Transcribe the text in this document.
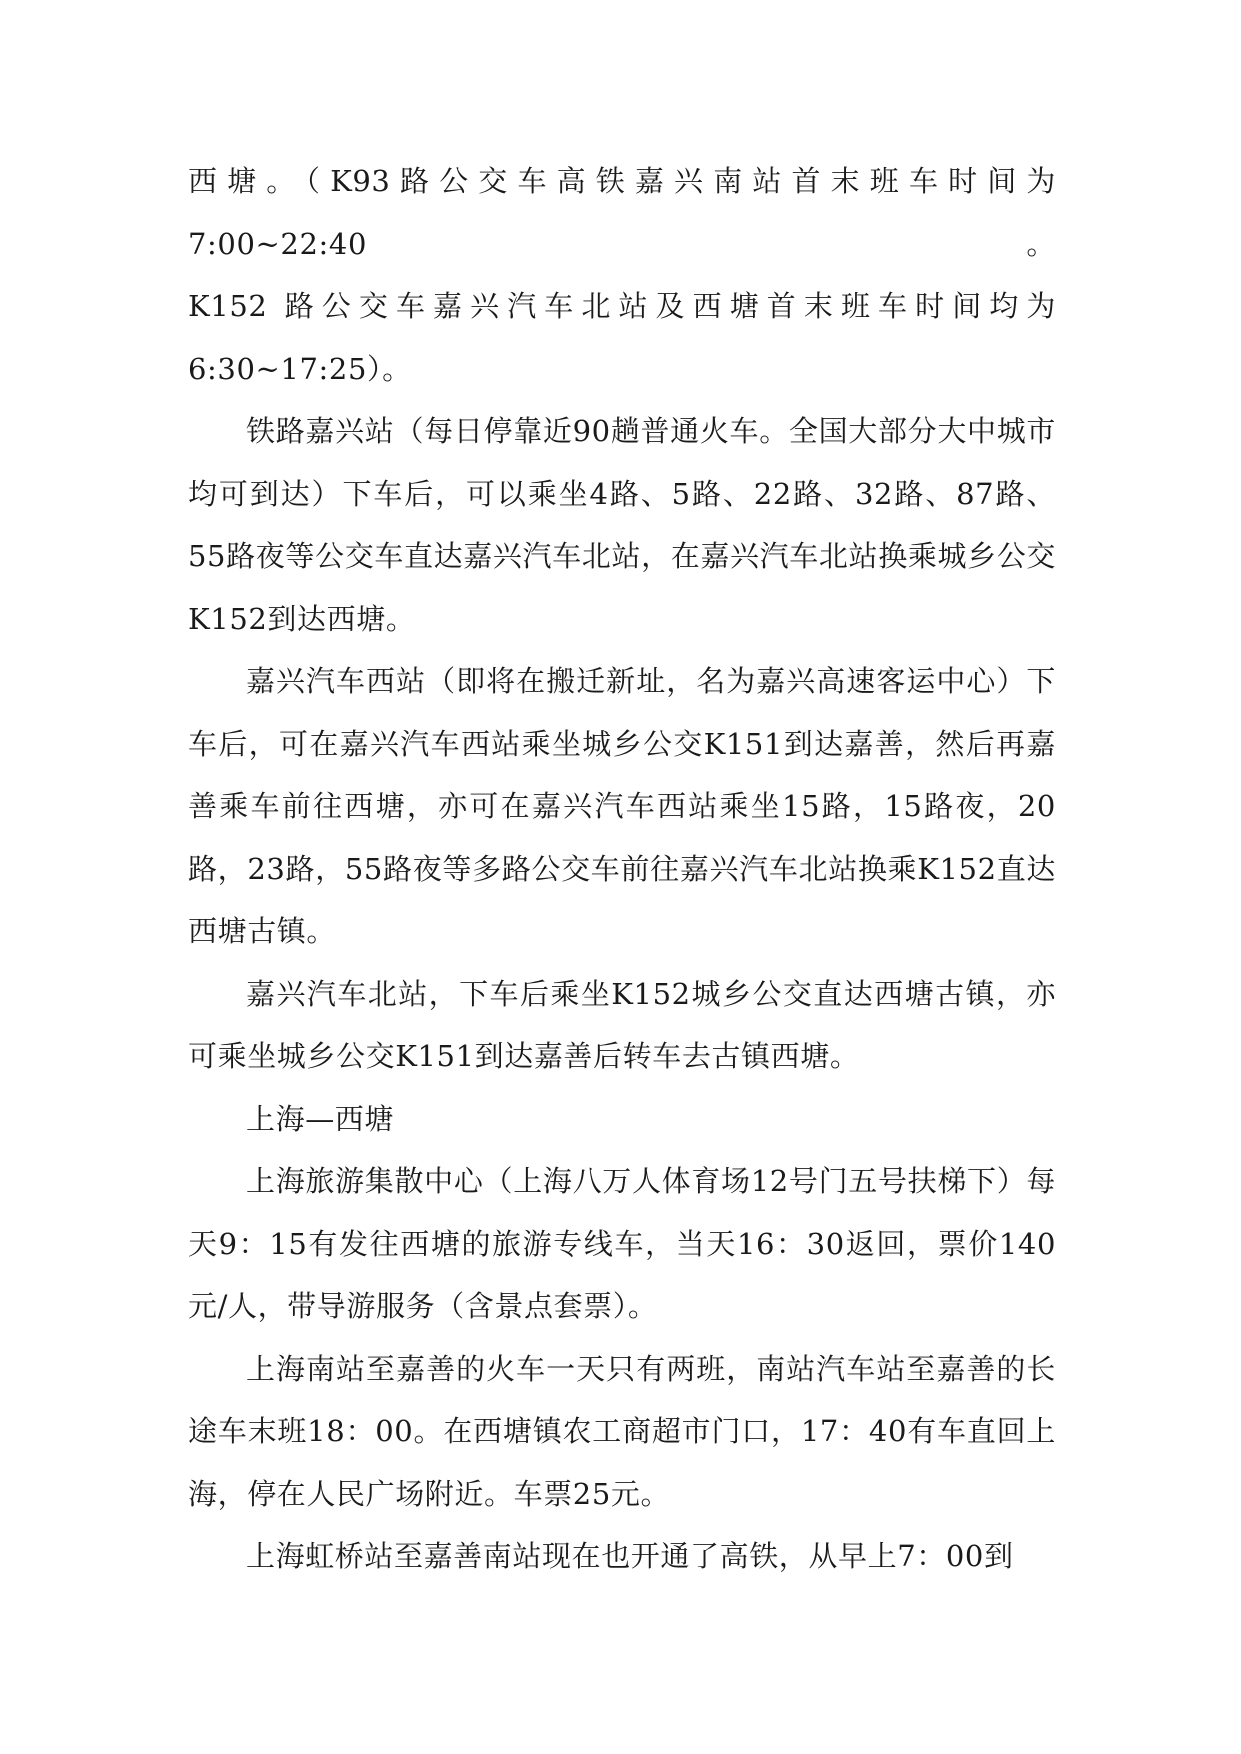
西塘。（K93路公交车高铁嘉兴南站首末班车时间为7:00~22:40。
K152 路公交车嘉兴汽车北站及西塘首末班车时间均为
6:30~17:25）。

铁路嘉兴站（每日停靠近90趟普通火车。全国大部分大中城市均可到达）下车后，可以乘坐4路、5路、22路、32路、87路、55路夜等公交车直达嘉兴汽车北站，在嘉兴汽车北站换乘城乡公交K152到达西塘。

嘉兴汽车西站（即将在搬迁新址，名为嘉兴高速客运中心）下车后，可在嘉兴汽车西站乘坐城乡公交K151到达嘉善，然后再嘉善乘车前往西塘，亦可在嘉兴汽车西站乘坐15路，15路夜，20路，23路，55路夜等多路公交车前往嘉兴汽车北站换乘K152直达西塘古镇。

嘉兴汽车北站，下车后乘坐K152城乡公交直达西塘古镇，亦可乘坐城乡公交K151到达嘉善后转车去古镇西塘。

上海—西塘

上海旅游集散中心（上海八万人体育场12号门五号扶梯下）每天9：15有发往西塘的旅游专线车，当天16：30返回，票价140元/人，带导游服务（含景点套票）。

上海南站至嘉善的火车一天只有两班，南站汽车站至嘉善的长途车末班18：00。在西塘镇农工商超市门口，17：40有车直回上海，停在人民广场附近。车票25元。

上海虹桥站至嘉善南站现在也开通了高铁，从早上7：00到
